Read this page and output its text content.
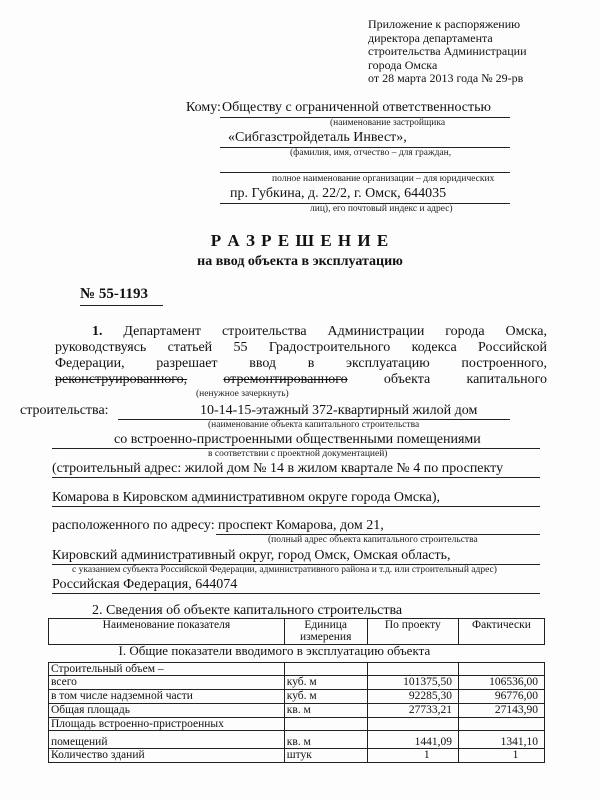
Приложение к распоряжению
директора департамента
строительства Администрации
города Омска
от 28 марта 2013 года № 29-рв
Кому: Обществу с ограниченной ответственностью
(наименование застройщика
«Сибгазстройдеталь Инвест»,
(фамилия, имя, отчество – для граждан,
полное наименование организации – для юридических
пр. Губкина, д. 22/2, г. Омск, 644035
лиц), его почтовый индекс и адрес)
Р А З Р Е Ш Е Н И Е
на ввод объекта в эксплуатацию
№ 55-1193
1. Департамент строительства Администрации города Омска,
руководствуясь статьей 55 Градостроительного кодекса Российской
Федерации, разрешает ввод в эксплуатацию построенного,
реконструированного,	отремонтированного	объекта	капитального
(ненужное зачеркнуть)
строительства:	10-14-15-этажный 372-квартирный жилой дом
(наименование объекта капитального строительства
со встроенно-пристроенными общественными помещениями
в соответствии с проектной документацией)
(строительный адрес: жилой дом № 14 в жилом квартале № 4 по проспекту
Комарова в Кировском административном округе города Омска),
расположенного по адресу: проспект Комарова, дом 21,
(полный адрес объекта капитального строительства
Кировский административный округ, город Омск, Омская область,
с указанием субъекта Российской Федерации, административного района и т.д. или строительный адрес)
Российская Федерация, 644074
2. Сведения об объекте капитального строительства
Наименование показателя	Единица измерения	По проекту	Фактически
I. Общие показатели вводимого в эксплуатацию объекта			
Строительный объем –			
всего	куб. м	101375,50	106536,00
в том числе надземной части	куб. м	92285,30	96776,00
Общая площадь	кв. м	27733,21	27143,90
Площадь встроенно-пристроенных			
помещений	кв. м	1441,09	1341,10
Количество зданий	штук	1	1
